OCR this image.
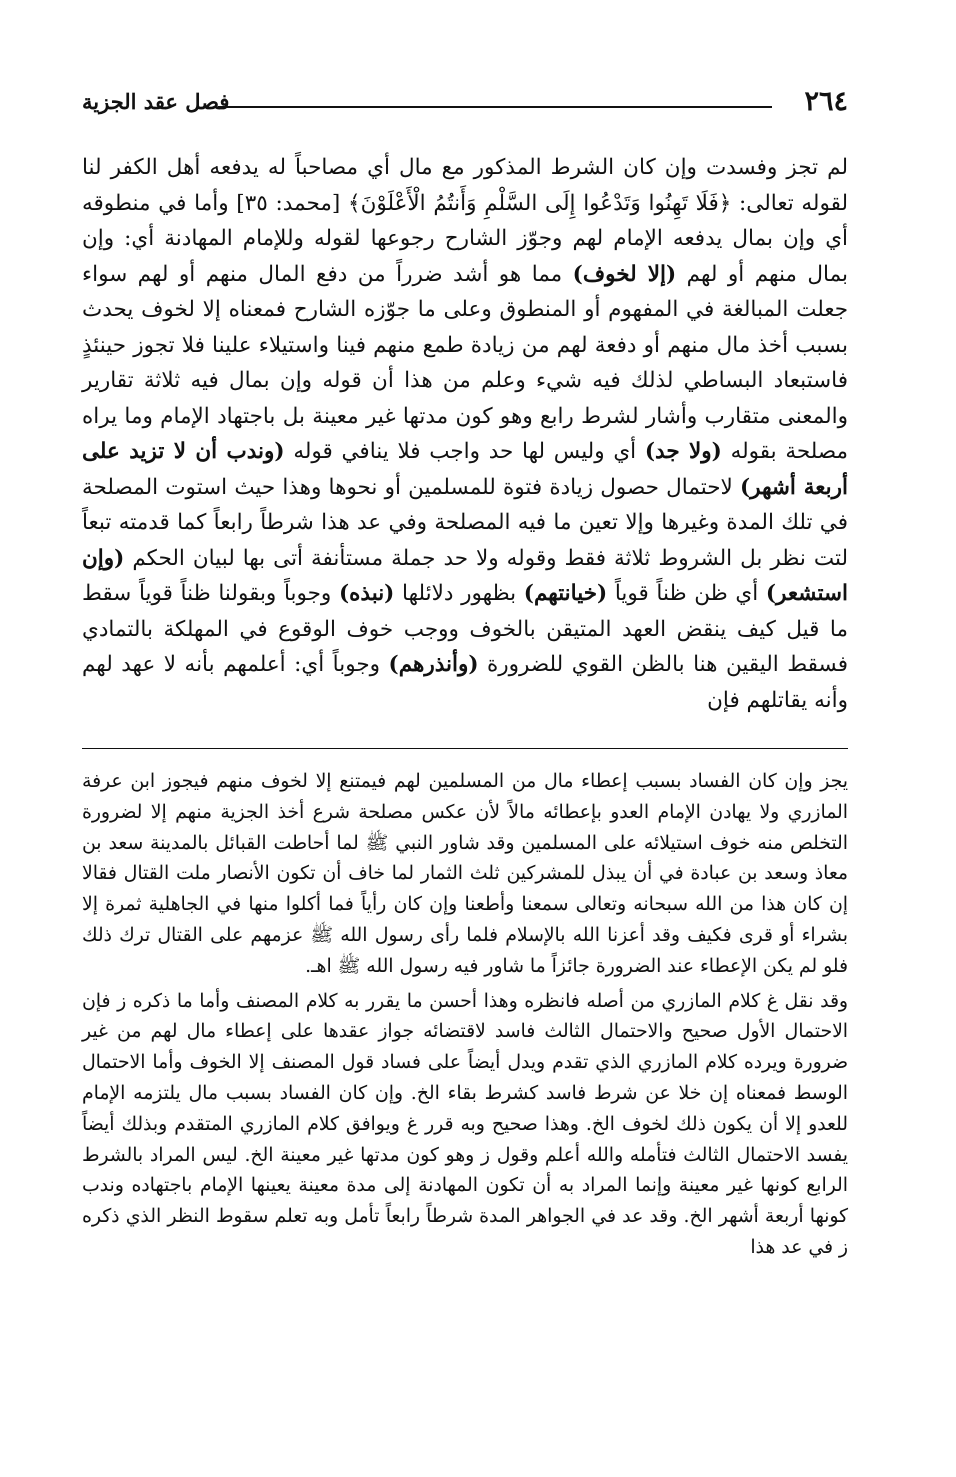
٢٦٤
فصل عقد الجزية

لم تجز وفسدت وإن كان الشرط المذكور مع مال أي مصاحباً له يدفعه أهل الكفر لنا لقوله تعالى: ﴿فَلَا تَهِنُوا وَتَدْعُوا إِلَى السَّلْمِ وَأَنتُمُ الْأَعْلَوْنَ﴾ [محمد: ٣٥] وأما في منطوقه أي وإن بمال يدفعه الإمام لهم وجوّز الشارح رجوعها لقوله وللإمام المهادنة أي: وإن بمال منهم أو لهم (إلا لخوف) مما هو أشد ضرراً من دفع المال منهم أو لهم سواء جعلت المبالغة في المفهوم أو المنطوق وعلى ما جوّزه الشارح فمعناه إلا لخوف يحدث بسبب أخذ مال منهم أو دفعة لهم من زيادة طمع منهم فينا واستيلاء علينا فلا تجوز حينئذٍ فاستبعاد البساطي لذلك فيه شيء وعلم من هذا أن قوله وإن بمال فيه ثلاثة تقارير والمعنى متقارب وأشار لشرط رابع وهو كون مدتها غير معينة بل باجتهاد الإمام وما يراه مصلحة بقوله (ولا جد) أي وليس لها حد واجب فلا ينافي قوله (وندب أن لا تزيد على أربعة أشهر) لاحتمال حصول زيادة فتوة للمسلمين أو نحوها وهذا حيث استوت المصلحة في تلك المدة وغيرها وإلا تعين ما فيه المصلحة وفي عد هذا شرطاً رابعاً كما قدمته تبعاً لتت نظر بل الشروط ثلاثة فقط وقوله ولا حد جملة مستأنفة أتى بها لبيان الحكم (وإن استشعر) أي ظن ظناً قوياً (خيانتهم) بظهور دلائلها (نبذه) وجوباً وبقولنا ظناً قوياً سقط ما قيل كيف ينقض العهد المتيقن بالخوف ووجب خوف الوقوع في المهلكة بالتمادي فسقط اليقين هنا بالظن القوي للضرورة (وأنذرهم) وجوباً أي: أعلمهم بأنه لا عهد لهم وأنه يقاتلهم فإن

يجز وإن كان الفساد بسبب إعطاء مال من المسلمين لهم فيمتنع إلا لخوف منهم فيجوز ابن عرفة المازري ولا يهادن الإمام العدو بإعطائه مالاً لأن عكس مصلحة شرع أخذ الجزية منهم إلا لضرورة التخلص منه خوف استيلائه على المسلمين وقد شاور النبي ﷺ لما أحاطت القبائل بالمدينة سعد بن معاذ وسعد بن عبادة في أن يبذل للمشركين ثلث الثمار لما خاف أن تكون الأنصار ملت القتال فقالا إن كان هذا من الله سبحانه وتعالى سمعنا وأطعنا وإن كان رأياً فما أكلوا منها في الجاهلية ثمرة إلا بشراء أو قرى فكيف وقد أعزنا الله بالإسلام فلما رأى رسول الله ﷺ عزمهم على القتال ترك ذلك فلو لم يكن الإعطاء عند الضرورة جائزاً ما شاور فيه رسول الله ﷺ اهـ.

وقد نقل غ كلام المازري من أصله فانظره وهذا أحسن ما يقرر به كلام المصنف وأما ما ذكره ز فإن الاحتمال الأول صحيح والاحتمال الثالث فاسد لاقتضائه جواز عقدها على إعطاء مال لهم من غير ضرورة ويرده كلام المازري الذي تقدم ويدل أيضاً على فساد قول المصنف إلا الخوف وأما الاحتمال الوسط فمعناه إن خلا عن شرط فاسد كشرط بقاء الخ. وإن كان الفساد بسبب مال يلتزمه الإمام للعدو إلا أن يكون ذلك لخوف الخ. وهذا صحيح وبه قرر غ ويوافق كلام المازري المتقدم وبذلك أيضاً يفسد الاحتمال الثالث فتأمله والله أعلم وقول ز وهو كون مدتها غير معينة الخ. ليس المراد بالشرط الرابع كونها غير معينة وإنما المراد به أن تكون المهادنة إلى مدة معينة يعينها الإمام باجتهاده وندب كونها أربعة أشهر الخ. وقد عد في الجواهر المدة شرطاً رابعاً تأمل وبه تعلم سقوط النظر الذي ذكره ز في عد هذا
